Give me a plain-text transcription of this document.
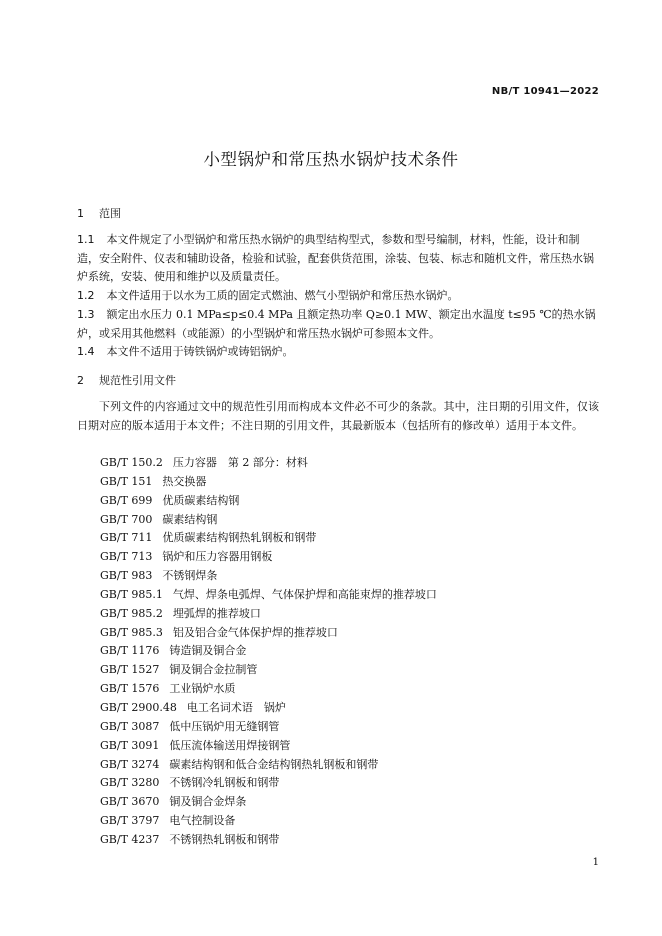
NB/T 10941—2022
小型锅炉和常压热水锅炉技术条件
1 范围
1.1 本文件规定了小型锅炉和常压热水锅炉的典型结构型式，参数和型号编制，材料，性能，设计和制造，安全附件、仪表和辅助设备，检验和试验，配套供货范围，涂装、包装、标志和随机文件，常压热水锅炉系统，安装、使用和维护以及质量责任。
1.2 本文件适用于以水为工质的固定式燃油、燃气小型锅炉和常压热水锅炉。
1.3 额定出水压力 0.1 MPa≤p≤0.4 MPa 且额定热功率 Q≥0.1 MW、额定出水温度 t≤95 ℃的热水锅炉，或采用其他燃料（或能源）的小型锅炉和常压热水锅炉可参照本文件。
1.4 本文件不适用于铸铁锅炉或铸铝锅炉。
2 规范性引用文件
下列文件的内容通过文中的规范性引用而构成本文件必不可少的条款。其中，注日期的引用文件，仅该日期对应的版本适用于本文件；不注日期的引用文件，其最新版本（包括所有的修改单）适用于本文件。
GB/T 150.2 压力容器　第 2 部分：材料
GB/T 151 热交换器
GB/T 699 优质碳素结构钢
GB/T 700 碳素结构钢
GB/T 711 优质碳素结构钢热轧钢板和钢带
GB/T 713 锅炉和压力容器用钢板
GB/T 983 不锈钢焊条
GB/T 985.1 气焊、焊条电弧焊、气体保护焊和高能束焊的推荐坡口
GB/T 985.2 埋弧焊的推荐坡口
GB/T 985.3 铝及铝合金气体保护焊的推荐坡口
GB/T 1176 铸造铜及铜合金
GB/T 1527 铜及铜合金拉制管
GB/T 1576 工业锅炉水质
GB/T 2900.48 电工名词术语　锅炉
GB/T 3087 低中压锅炉用无缝钢管
GB/T 3091 低压流体输送用焊接钢管
GB/T 3274 碳素结构钢和低合金结构钢热轧钢板和钢带
GB/T 3280 不锈钢冷轧钢板和钢带
GB/T 3670 铜及铜合金焊条
GB/T 3797 电气控制设备
GB/T 4237 不锈钢热轧钢板和钢带
1
